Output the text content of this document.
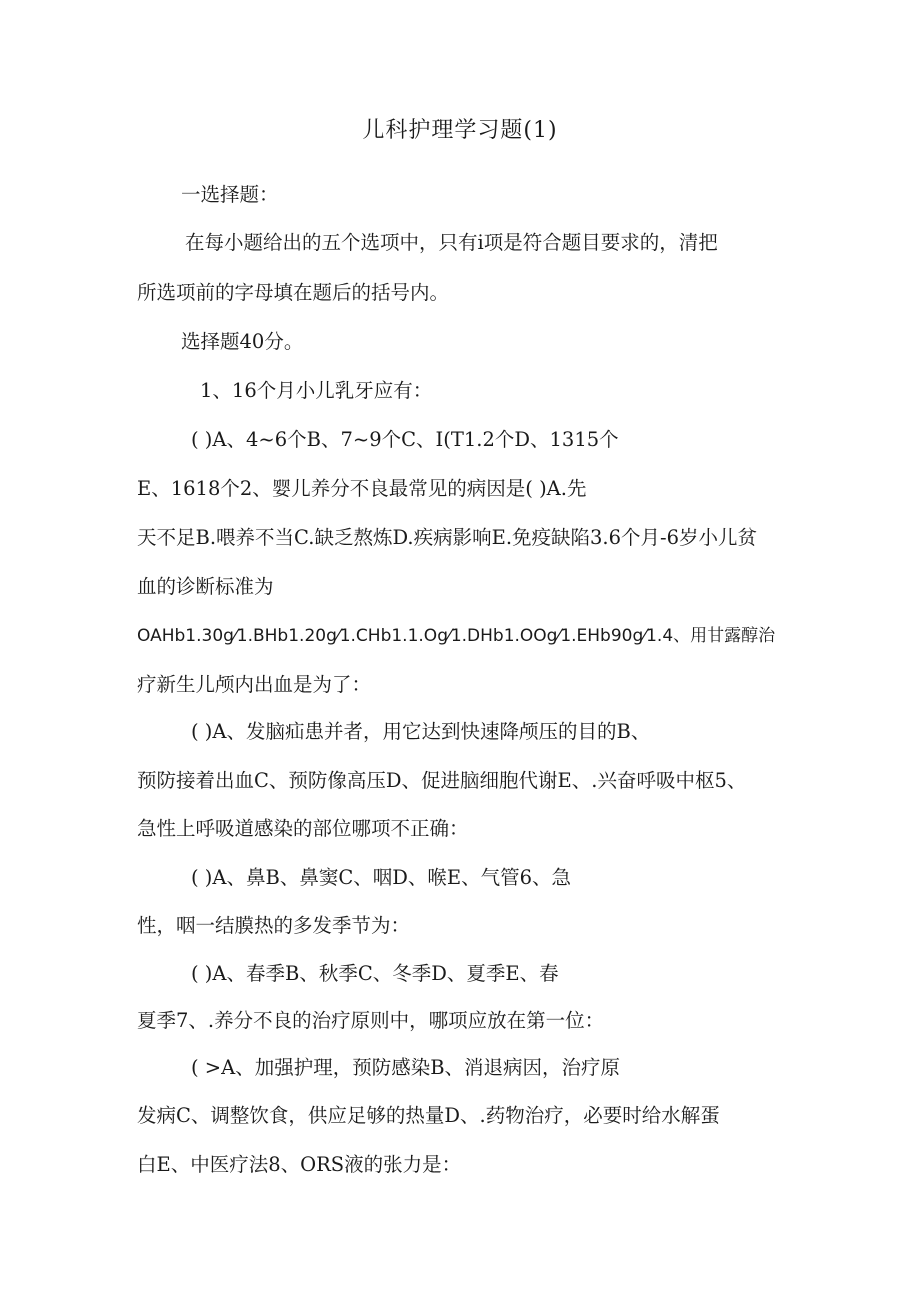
儿科护理学习题(1)
一选择题：
在每小题给出的五个选项中，只有i项是符合题目要求的，清把
所选项前的字母填在题后的括号内。
选择题40分。
1、16个月小儿乳牙应有：
( )A、4~6个B、7~9个C、I(T1.2个D、1315个
E、1618个2、婴儿养分不良最常见的病因是( )A.先
天不足B.喂养不当C.缺乏熬炼D.疾病影响E.免疫缺陷3.6个月-6岁小儿贫
血的诊断标准为
OAHb1.30g⁄1.BHb1.20g⁄1.CHb1.1.Og⁄1.DHb1.OOg⁄1.EHb90g⁄1.4、用甘露醇治
疗新生儿颅内出血是为了：
( )A、发脑疝患并者，用它达到快速降颅压的目的B、
预防接着出血C、预防像高压D、促进脑细胞代谢E、.兴奋呼吸中枢5、
急性上呼吸道感染的部位哪项不正确：
( )A、鼻B、鼻窦C、咽D、喉E、气管6、急
性，咽一结膜热的多发季节为：
( )A、春季B、秋季C、冬季D、夏季E、春
夏季7、.养分不良的治疗原则中，哪项应放在第一位：
( >A、加强护理，预防感染B、消退病因，治疗原
发病C、调整饮食，供应足够的热量D、.药物治疗，必要时给水解蛋
白E、中医疗法8、ORS液的张力是：
